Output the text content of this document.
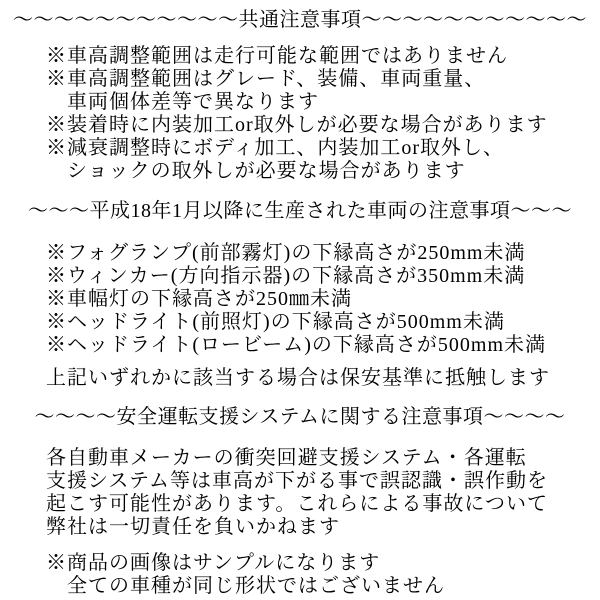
～～～～～～～～～～～共通注意事項～～～～～～～～～～～

※車高調整範囲は走行可能な範囲ではありません

※車高調整範囲はグレード、装備、車両重量、

　車両個体差等で異なります

※装着時に内装加工or取外しが必要な場合があります

※減衰調整時にボディ加工、内装加工or取外し、

　ショックの取外しが必要な場合があります

～～～平成18年1月以降に生産された車両の注意事項～～～

※フォグランプ(前部霧灯)の下縁高さが250mm未満

※ウィンカー(方向指示器)の下縁高さが350mm未満

※車幅灯の下縁高さが250㎜未満

※ヘッドライト(前照灯)の下縁高さが500mm未満

※ヘッドライト(ロービーム)の下縁高さが500mm未満

上記いずれかに該当する場合は保安基準に抵触します

～～～～安全運転支援システムに関する注意事項～～～～

各自動車メーカーの衝突回避支援システム・各運転

支援システム等は車高が下がる事で誤認識・誤作動を

起こす可能性があります。これらによる事故について

弊社は一切責任を負いかねます

※商品の画像はサンプルになります

　全ての車種が同じ形状ではございません
